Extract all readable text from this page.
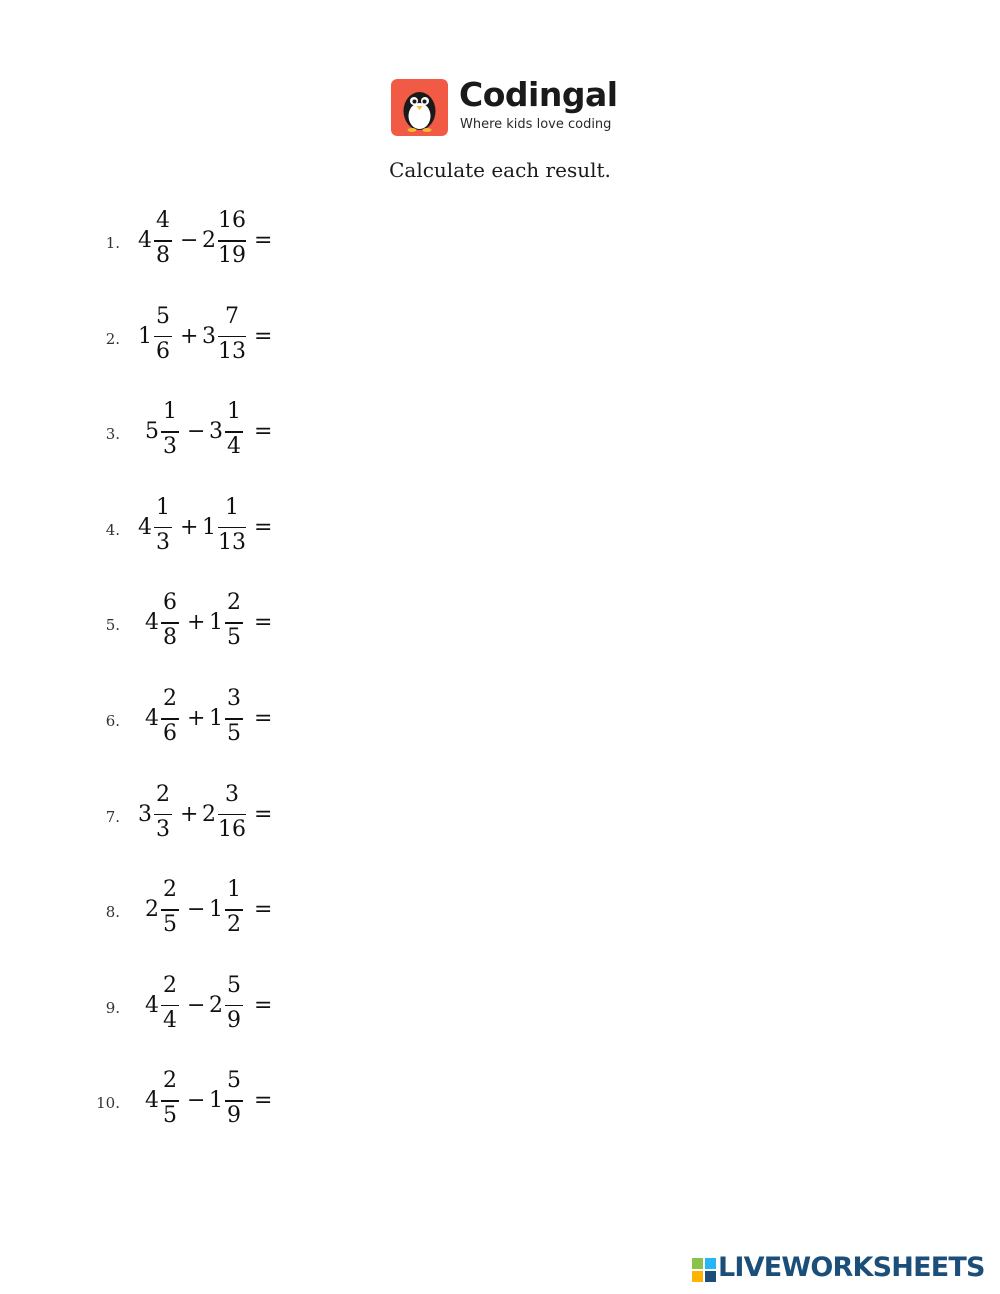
Codingal
Where kids love coding
Calculate each result.
1. 4
4
8
− 2
16
19
=
2. 1
5
6
+ 3
7
13
=
3. 5
1
3
− 3
1
4
=
4. 4
1
3
+ 1
1
13
=
5. 4
6
8
+ 1
2
5
=
6. 4
2
6
+ 1
3
5
=
7. 3
2
3
+ 2
3
16
=
8. 2
2
5
− 1
1
2
=
9. 4
2
4
− 2
5
9
=
10. 4
2
5
− 1
5
9
=
LIVEWORKSHEETS
